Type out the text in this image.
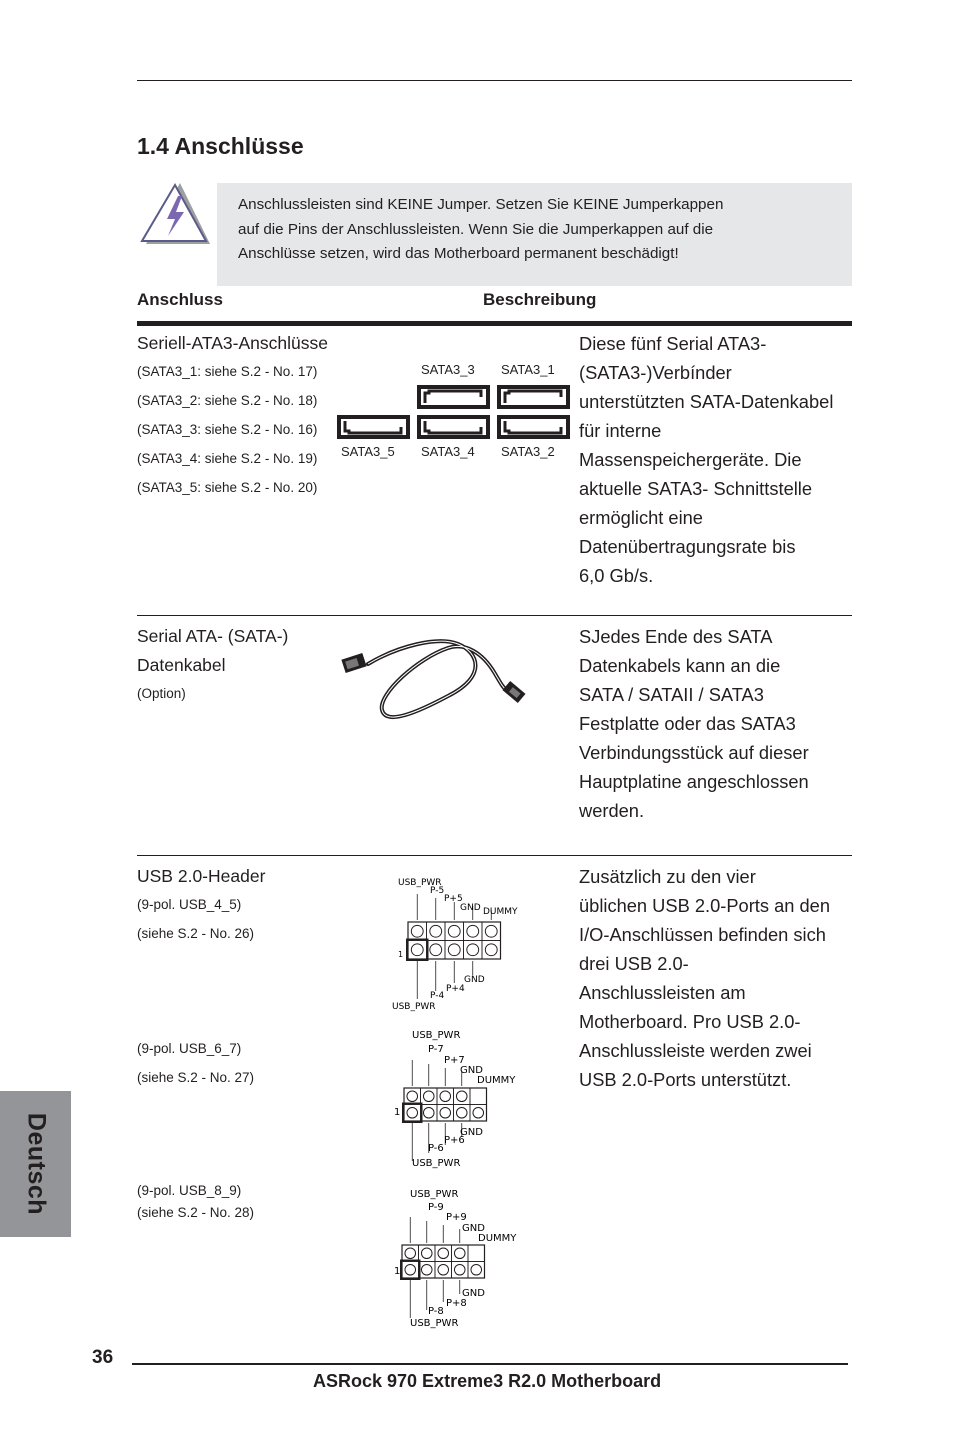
1.4 Anschlüsse
Anschlussleisten sind KEINE Jumper. Setzen Sie KEINE Jumperkappen
auf die Pins der Anschlussleisten. Wenn Sie die Jumperkappen auf die
Anschlüsse setzen, wird das Motherboard permanent beschädigt!
Anschluss	Beschreibung
Seriell-ATA3-Anschlüsse
(SATA3_1: siehe S.2 - No. 17)
(SATA3_2: siehe S.2 - No. 18)
(SATA3_3: siehe S.2 - No. 16)
(SATA3_4: siehe S.2 - No. 19)
(SATA3_5: siehe S.2 - No. 20)
SATA3_3 SATA3_1
SATA3_5 SATA3_4 SATA3_2
Diese fünf Serial ATA3-
(SATA3-)Verbínder
unterstützten SATA-Datenkabel
für interne
Massenspeichergeräte. Die
aktuelle SATA3- Schnittstelle
ermöglicht eine
Datenübertragungsrate bis
6,0 Gb/s.
Serial ATA- (SATA-)
Datenkabel
(Option)
SJedes Ende des SATA
Datenkabels kann an die
SATA / SATAII / SATA3
Festplatte oder das SATA3
Verbindungsstück auf dieser
Hauptplatine angeschlossen
werden.
USB 2.0-Header
(9-pol. USB_4_5)
(siehe S.2 - No. 26)
(9-pol. USB_6_7)
(siehe S.2 - No. 27)
(9-pol. USB_8_9)
(siehe S.2 - No. 28)
USB_PWR
P-5
P+5
GND DUMMY
1
GND
P+4
P-4
USB_PWR
USB_PWR
P-7
P+7
GND
DUMMY
1
GND
P+6
P-6
USB_PWR
USB_PWR
P-9
P+9
GND
DUMMY
1
GND
P+8
P-8
USB_PWR
Zusätzlich zu den vier
üblichen USB 2.0-Ports an den
I/O-Anschlüssen befinden sich
drei USB 2.0-
Anschlussleisten am
Motherboard. Pro USB 2.0-
Anschlussleiste werden zwei
USB 2.0-Ports unterstützt.
Deutsch
36
ASRock 970 Extreme3 R2.0 Motherboard
